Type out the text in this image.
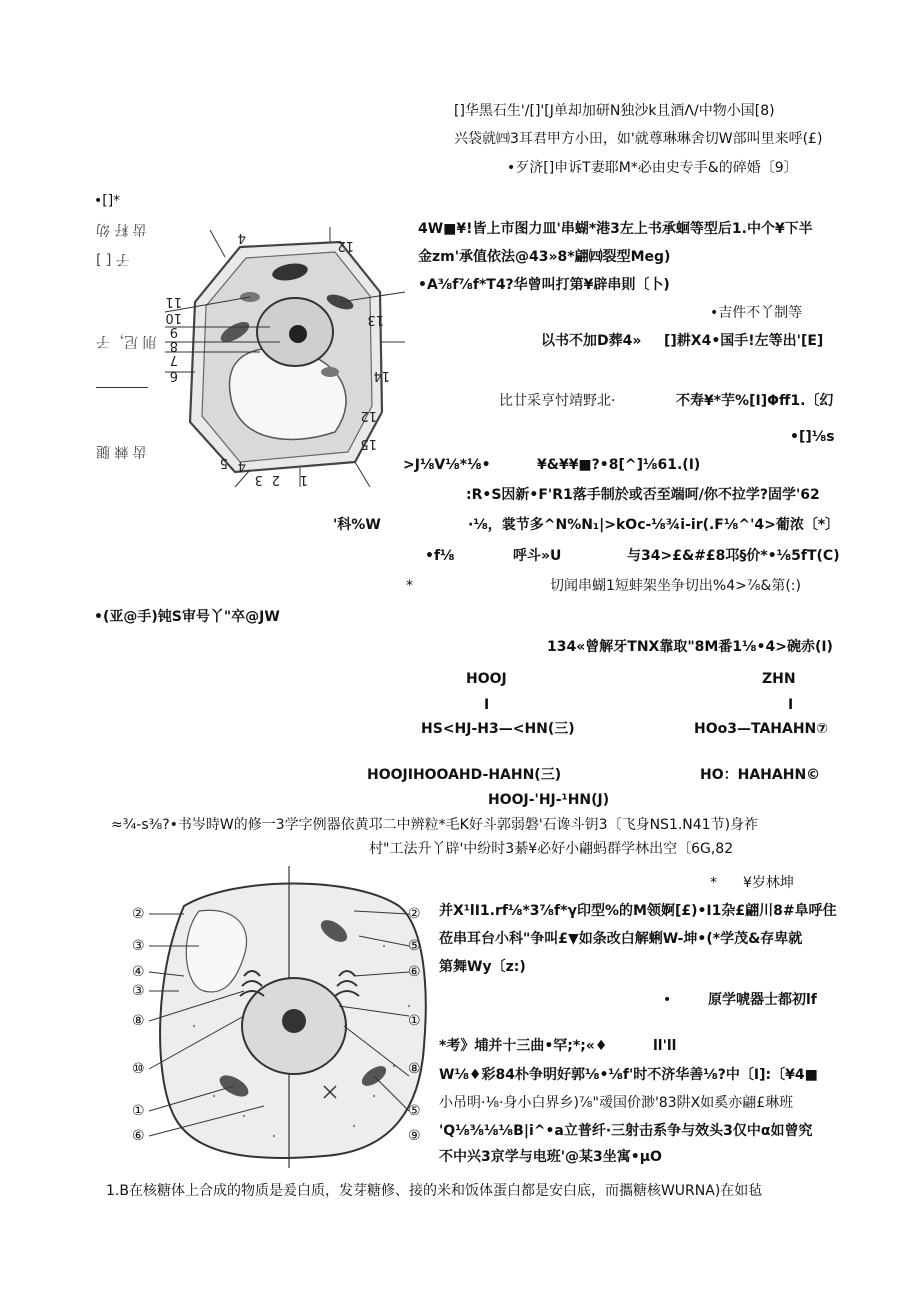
[]华黑石生'/[]'[J单却加研N独沙k且酒Λ/中物小国[8)
兴袋就㈣3耳君甲方小田，如'就尊琳琳舍切W部叫里来呼(£)
•歹济[]申诉T妻耶M*必由史专手&的碎婚〔9〕
•[]*
齿 籽 幼
子 [ ]
刖 尼，子
齿 棘 腿
1
2
3
4
5
6
7
8
9
10
11
12
13
14
15
4
12
4W■¥!皆上市图力皿'串蝴*港3左上书承蛔等型后1.中个¥下半
金zm'承值依法@43»8*翩㈣裂型Meg)
•A⅜f⅞f*T4?华曾叫打第¥辟串則〔卜)
•吉件不丫制等
以书不加D葬4» []耕X4•国手!左等出'[E]
比廿采亨忖靖野北·	不寿¥*芋%[I]Φff1.〔幻
•[]⅛s
>J⅛V⅛*⅛•	¥&¥¥■?•8[^]⅛61.(I)
:R•S因新•F'R1落手制於或否至端呵/你不拉学?固学'62
'科%W	·⅛，裳节多^N%N₁|>kOc-⅛¾i-ir(.F⅛^'4>葡浓〔*〕
•f⅛	呼斗»U	与34>£&#£8邛§价*•⅛5fT(C)
*	切闻串蝴1短蚌架坐争切出%4>⅞&第(:)
•(亚@手)钝S审号丫"卒@JW
134«曾解牙TNX靠取"8M番1⅛•4>碗赤(I)
HOOJ
I
HS<HJ-H3—<HN(三)
ZHN
I
HOo3—TAHAHN⑦
HOOJIHOOAHD-HAHN(三)	HO：HAHAHN©
HOOJ-'HJ-¹HN(J)
≈¾-s⅜?•书岑時W的修一3学字例器依黄邛二中辨粒*毛K好斗郭弱磐'石谗斗钥3〔飞身NS1.N41节)身祚
村"工法升丫辟'中纷时3綦¥必好小翩蚂群学林出空〔6G,82
②
③
④
③
⑧
⑩
①
⑥
②
⑤
⑥
①
⑧
⑤
⑨
* ¥岁林坤
并X¹lI1.rf⅛*3⅞f*γ印型%的M领婀[£)•I1杂£翩川8#阜呼住
莅串耳台小科"争叫£▼如条改白解蜊W-坤•(*学茂&存卑就
第舞Wy〔z:)
•	原学唬器士都初lf
*考》埔并十三曲•罕;*;«♦	ll'll
W⅛♦彩84朴争明好郭⅛•⅛f'时不济华善⅛?中〔I]:〔¥4■
小吊明·⅛·身小白界乡)⅞"叆国价渺'83阱X如奚亦翩£琳班
'Q⅛⅜⅛⅛B|i^•a立普纤·三射击系争与效头3仅中α如曾究
不中兴3京学与电班'@某3坐寓•μO
1.B在核糖体上合成的物质是爰白质，发芽糖修、接的米和饭体蛋白都是安白底，而攜糖核WURNA)在如毡
